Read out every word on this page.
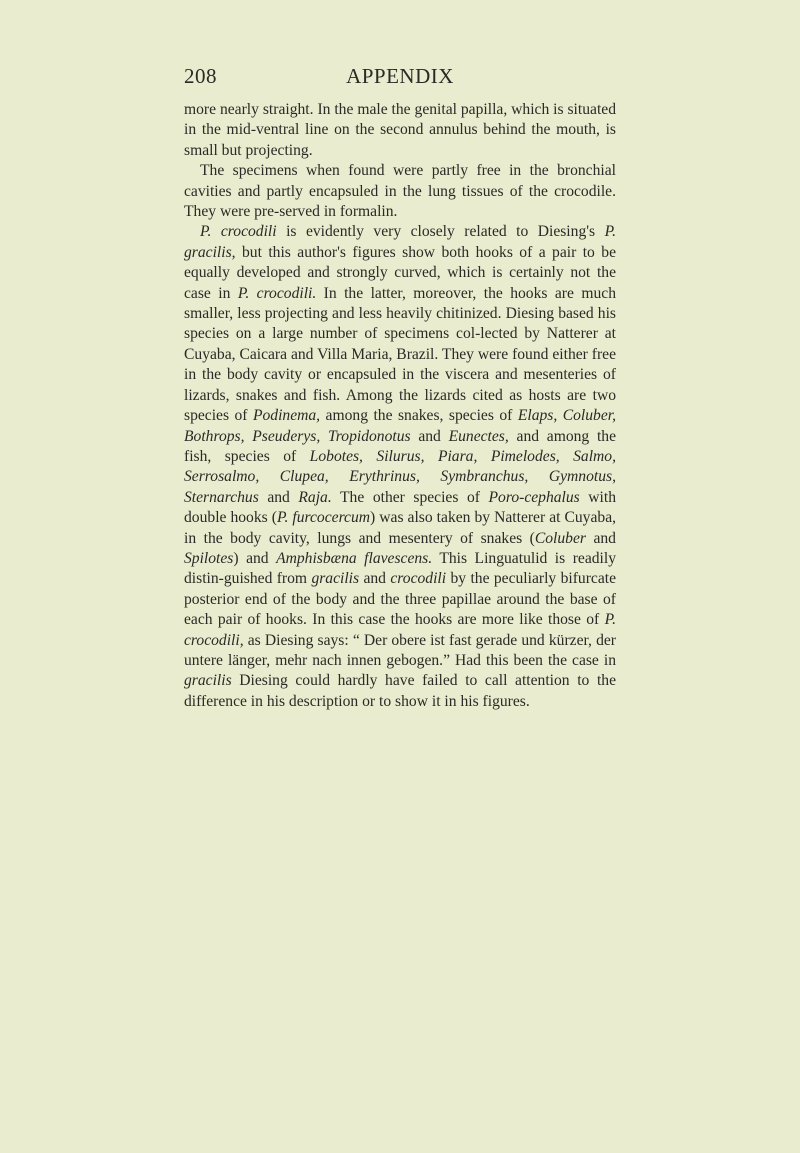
208	APPENDIX

more nearly straight. In the male the genital papilla, which is situated in the mid-ventral line on the second annulus behind the mouth, is small but projecting.

The specimens when found were partly free in the bronchial cavities and partly encapsuled in the lung tissues of the crocodile. They were pre-served in formalin.

P. crocodili is evidently very closely related to Diesing's P. gracilis, but this author's figures show both hooks of a pair to be equally developed and strongly curved, which is certainly not the case in P. crocodili. In the latter, moreover, the hooks are much smaller, less projecting and less heavily chitinized. Diesing based his species on a large number of specimens col-lected by Natterer at Cuyaba, Caicara and Villa Maria, Brazil. They were found either free in the body cavity or encapsuled in the viscera and mesenteries of lizards, snakes and fish. Among the lizards cited as hosts are two species of Podinema, among the snakes, species of Elaps, Coluber, Bothrops, Pseuderys, Tropidonotus and Eunectes, and among the fish, species of Lobotes, Silurus, Piara, Pimelodes, Salmo, Serrosalmo, Clupea, Erythrinus, Symbranchus, Gymnotus, Sternarchus and Raja. The other species of Poro-cephalus with double hooks (P. furcocercum) was also taken by Natterer at Cuyaba, in the body cavity, lungs and mesentery of snakes (Coluber and Spilotes) and Amphisbæna flavescens. This Linguatulid is readily distin-guished from gracilis and crocodili by the peculiarly bifurcate posterior end of the body and the three papillae around the base of each pair of hooks. In this case the hooks are more like those of P. crocodili, as Diesing says: “ Der obere ist fast gerade und kürzer, der untere länger, mehr nach innen gebogen.” Had this been the case in gracilis Diesing could hardly have failed to call attention to the difference in his description or to show it in his figures.
